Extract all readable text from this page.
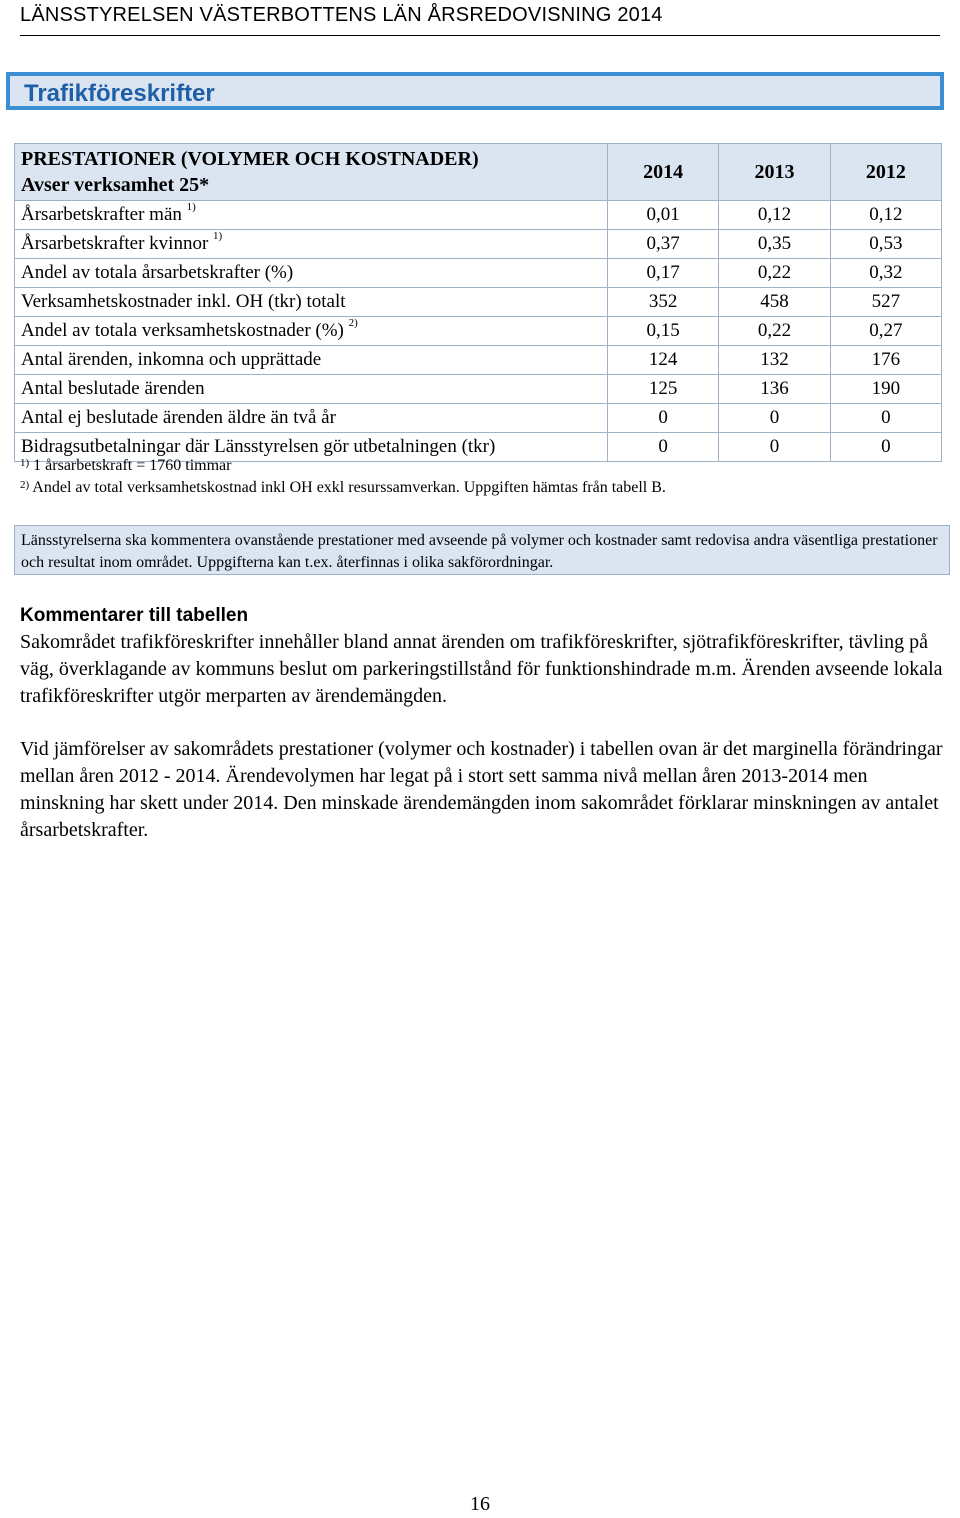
LÄNSSTYRELSEN VÄSTERBOTTENS LÄN ÅRSREDOVISNING 2014
Trafikföreskrifter
PRESTATIONER (VOLYMER OCH KOSTNADER)
Avser verksamhet 25*	2014	2013	2012
Årsarbetskrafter män $^{1)}$	0,01	0,12	0,12
Årsarbetskrafter kvinnor $^{1)}$	0,37	0,35	0,53
Andel av totala årsarbetskrafter (%)	0,17	0,22	0,32
Verksamhetskostnader inkl. OH (tkr) totalt	352	458	527
Andel av totala verksamhetskostnader (%) $^{2)}$	0,15	0,22	0,27
Antal ärenden, inkomna och upprättade	124	132	176
Antal beslutade ärenden	125	136	190
Antal ej beslutade ärenden äldre än två år	0	0	0
Bidragsutbetalningar där Länsstyrelsen gör utbetalningen (tkr)	0	0	0
$^{1)}$ 1 årsarbetskraft = 1760 timmar
$^{2)}$ Andel av total verksamhetskostnad inkl OH exkl resurssamverkan. Uppgiften hämtas från tabell B.
Länsstyrelserna ska kommentera ovanstående prestationer med avseende på volymer och kostnader samt redovisa andra väsentliga prestationer och resultat inom området. Uppgifterna kan t.ex. återfinnas i olika sakförordningar.
Kommentarer till tabellen

Sakområdet trafikföreskrifter innehåller bland annat ärenden om trafikföreskrifter, sjötrafikföreskrifter, tävling på väg, överklagande av kommuns beslut om parkeringstillstånd för funktionshindrade m.m. Ärenden avseende lokala trafikföreskrifter utgör merparten av ärendemängden.

Vid jämförelser av sakområdets prestationer (volymer och kostnader) i tabellen ovan är det marginella förändringar mellan åren 2012 - 2014. Ärendevolymen har legat på i stort sett samma nivå mellan åren 2013-2014 men minskning har skett under 2014. Den minskade ärendemängden inom sakområdet förklarar minskningen av antalet årsarbetskrafter.

16
